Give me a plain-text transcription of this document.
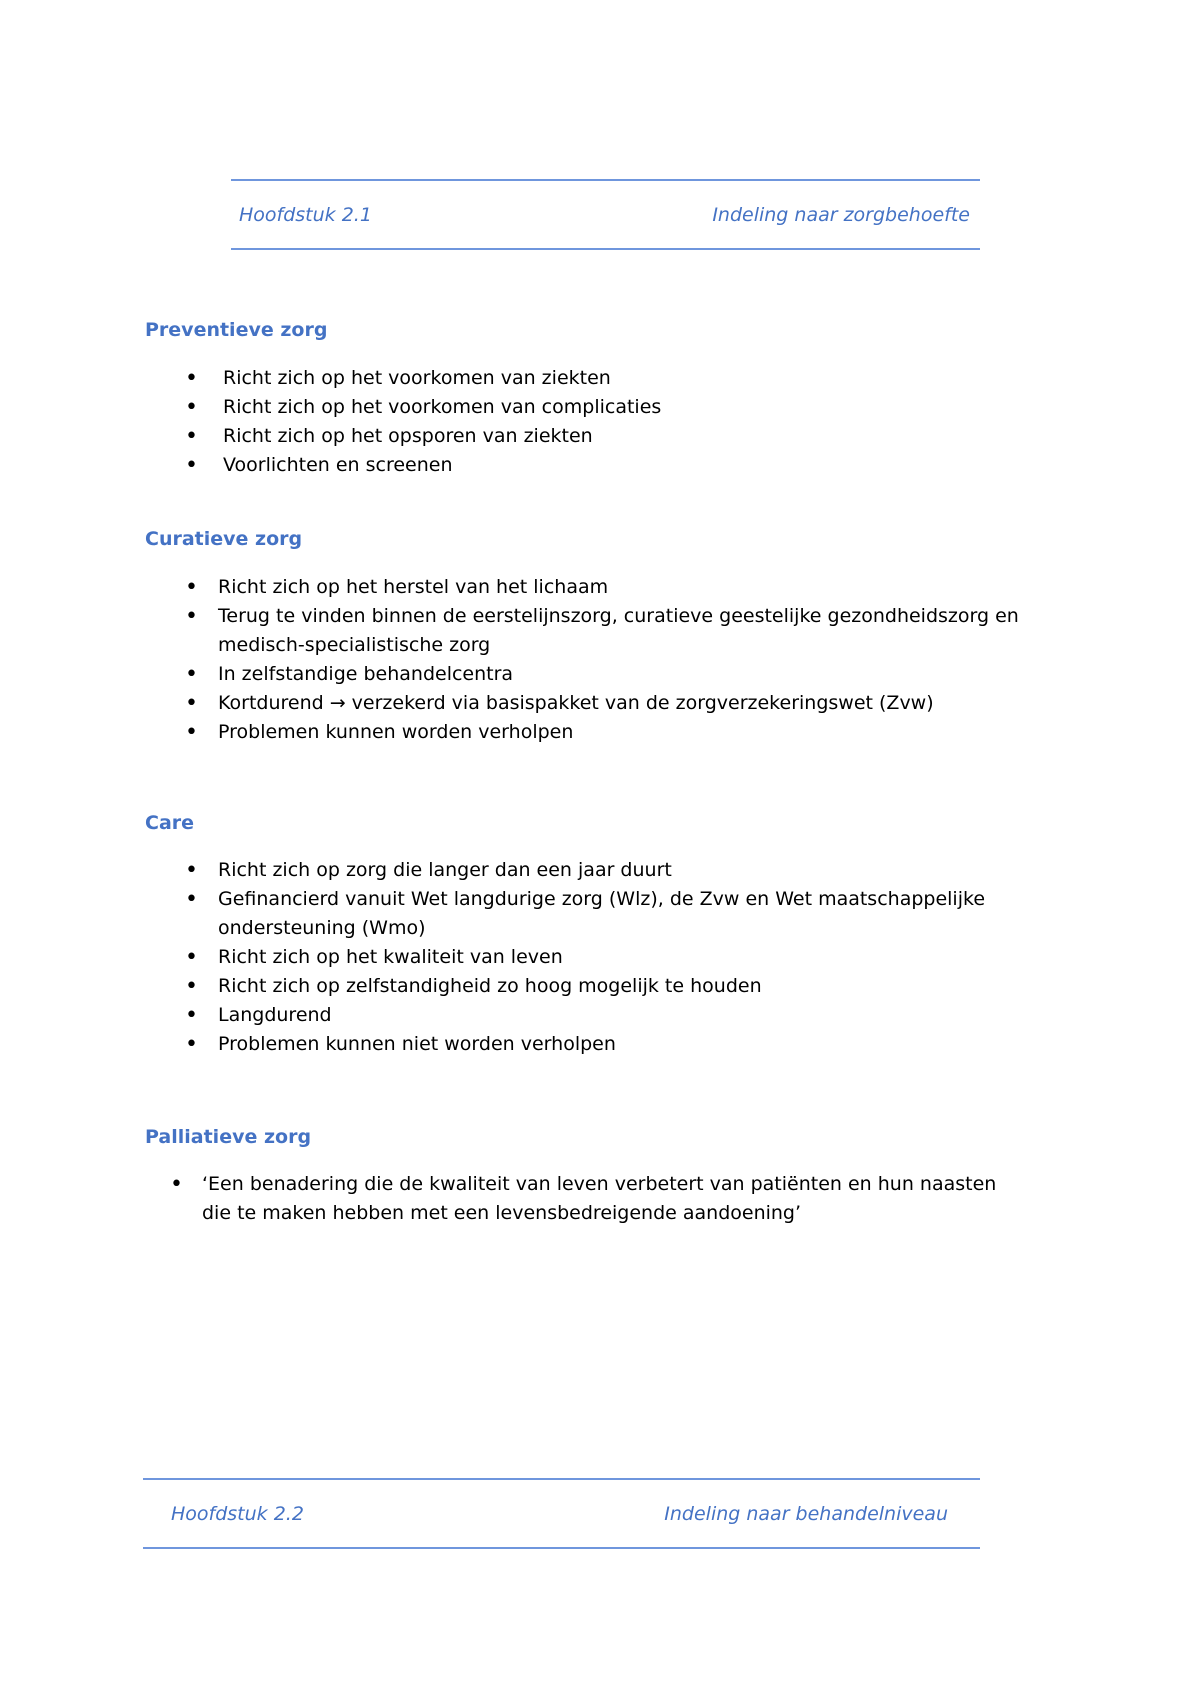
Hoofdstuk 2.1	Indeling naar zorgbehoefte
Preventieve zorg
• Richt zich op het voorkomen van ziekten
• Richt zich op het voorkomen van complicaties
• Richt zich op het opsporen van ziekten
• Voorlichten en screenen
Curatieve zorg
• Richt zich op het herstel van het lichaam
• Terug te vinden binnen de eerstelijnszorg, curatieve geestelijke gezondheidszorg en medisch-specialistische zorg
• In zelfstandige behandelcentra
• Kortdurend → verzekerd via basispakket van de zorgverzekeringswet (Zvw)
• Problemen kunnen worden verholpen
Care
• Richt zich op zorg die langer dan een jaar duurt
• Gefinancierd vanuit Wet langdurige zorg (Wlz), de Zvw en Wet maatschappelijke ondersteuning (Wmo)
• Richt zich op het kwaliteit van leven
• Richt zich op zelfstandigheid zo hoog mogelijk te houden
• Langdurend
• Problemen kunnen niet worden verholpen
Palliatieve zorg
• ‘Een benadering die de kwaliteit van leven verbetert van patiënten en hun naasten die te maken hebben met een levensbedreigende aandoening’
Hoofdstuk 2.2	Indeling naar behandelniveau
